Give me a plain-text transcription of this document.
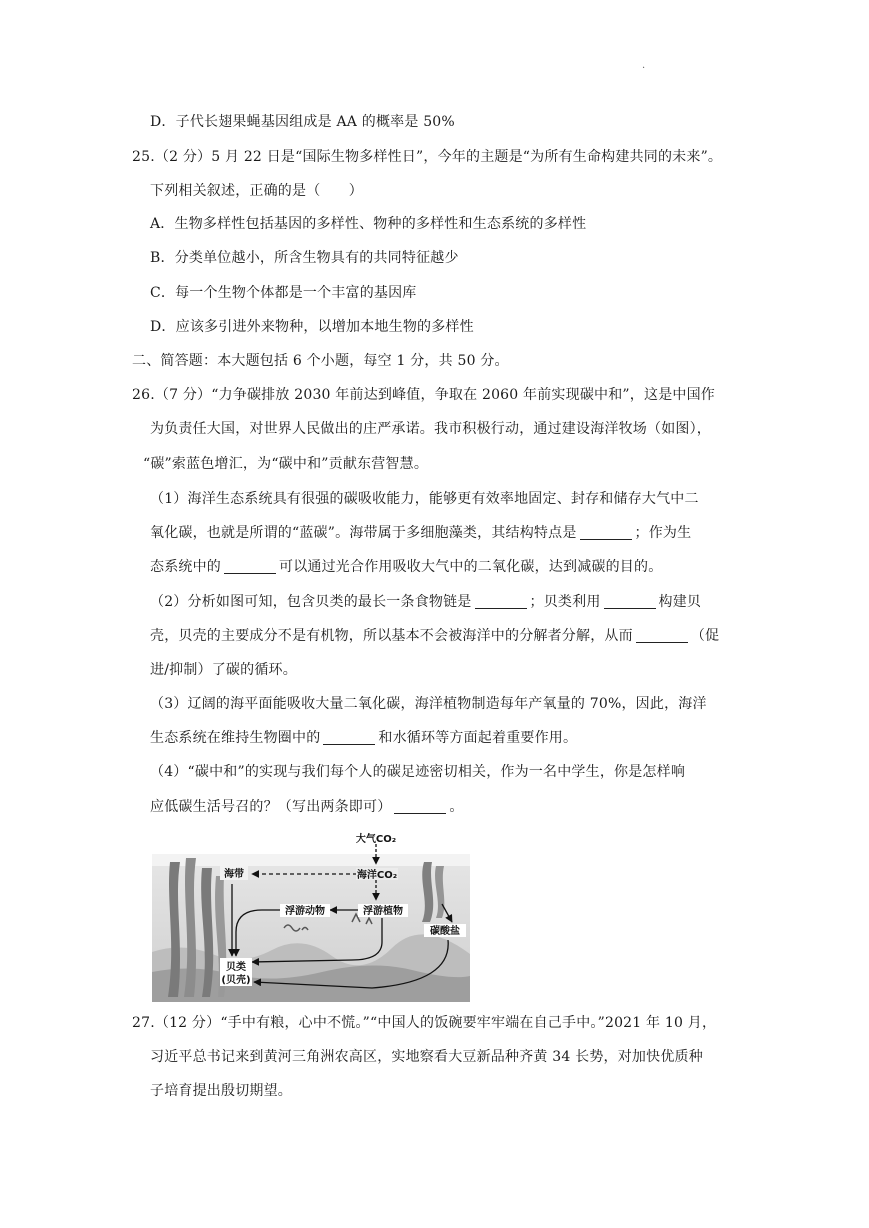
·
D．子代长翅果蝇基因组成是 AA 的概率是 50%
25.（2 分）5 月 22 日是“国际生物多样性日”，今年的主题是“为所有生命构建共同的未来”。
下列相关叙述，正确的是（　　）
A．生物多样性包括基因的多样性、物种的多样性和生态系统的多样性
B．分类单位越小，所含生物具有的共同特征越少
C．每一个生物个体都是一个丰富的基因库
D．应该多引进外来物种，以增加本地生物的多样性
二、简答题：本大题包括 6 个小题，每空 1 分，共 50 分。
26.（7 分）“力争碳排放 2030 年前达到峰值，争取在 2060 年前实现碳中和”，这是中国作
为负责任大国，对世界人民做出的庄严承诺。我市积极行动，通过建设海洋牧场（如图），
“碳”索蓝色增汇，为“碳中和”贡献东营智慧。
（1）海洋生态系统具有很强的碳吸收能力，能够更有效率地固定、封存和储存大气中二
氧化碳，也就是所谓的“蓝碳”。海带属于多细胞藻类，其结构特点是	；作为生
态系统中的	可以通过光合作用吸收大气中的二氧化碳，达到减碳的目的。
（2）分析如图可知，包含贝类的最长一条食物链是	；贝类利用	构建贝
壳，贝壳的主要成分不是有机物，所以基本不会被海洋中的分解者分解，从而	（促
进/抑制）了碳的循环。
（3）辽阔的海平面能吸收大量二氧化碳，海洋植物制造每年产氧量的 70%，因此，海洋
生态系统在维持生物圈中的	和水循环等方面起着重要作用。
（4）“碳中和”的实现与我们每个人的碳足迹密切相关，作为一名中学生，你是怎样响
应低碳生活号召的？（写出两条即可）	。
大气CO₂
海洋CO₂
海带
浮游动物	浮游植物
碳酸盐
贝类
(贝壳)
27.（12 分）“手中有粮，心中不慌。”“中国人的饭碗要牢牢端在自己手中。”2021 年 10 月，
习近平总书记来到黄河三角洲农高区，实地察看大豆新品种齐黄 34 长势，对加快优质种
子培育提出殷切期望。
